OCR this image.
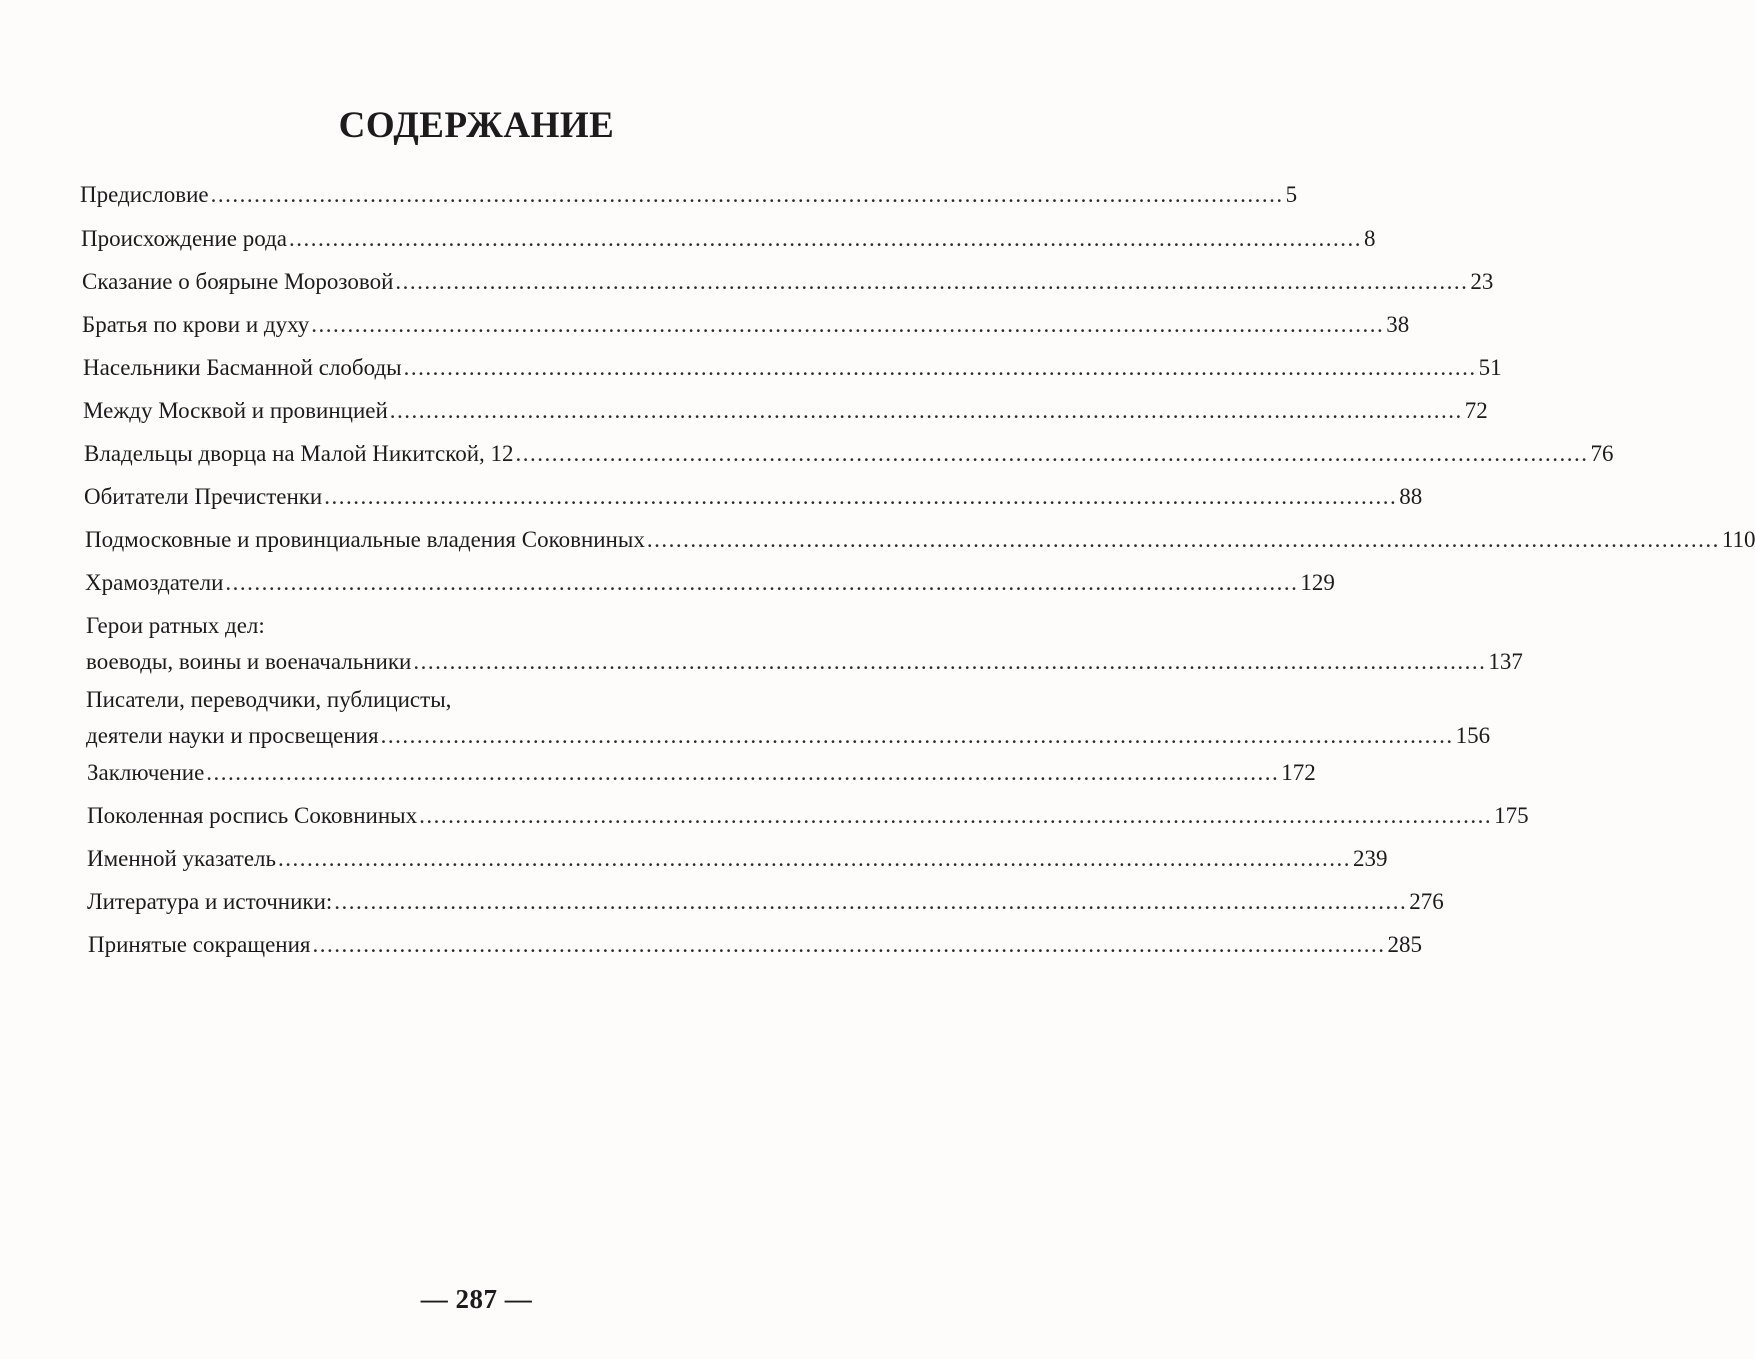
СОДЕРЖАНИЕ
Предисловие .................................................................................................................................................... 5
Происхождение рода .................................................................................................................................................... 8
Сказание о боярыне Морозовой .................................................................................................................................................... 23
Братья по крови и духу .................................................................................................................................................... 38
Насельники Басманной слободы .................................................................................................................................................... 51
Между Москвой и провинцией .................................................................................................................................................... 72
Владельцы дворца на Малой Никитской, 12 .................................................................................................................................................... 76
Обитатели Пречистенки .................................................................................................................................................... 88
Подмосковные и провинциальные владения Соковниных .................................................................................................................................................... 110
Храмоздатели .................................................................................................................................................... 129
Герои ратных дел:
воеводы, воины и военачальники .................................................................................................................................................... 137
Писатели, переводчики, публицисты,
деятели науки и просвещения .................................................................................................................................................... 156
Заключение .................................................................................................................................................... 172
Поколенная роспись Соковниных .................................................................................................................................................... 175
Именной указатель .................................................................................................................................................... 239
Литература и источники: .................................................................................................................................................... 276
Принятые сокращения .................................................................................................................................................... 285
— 287 —
